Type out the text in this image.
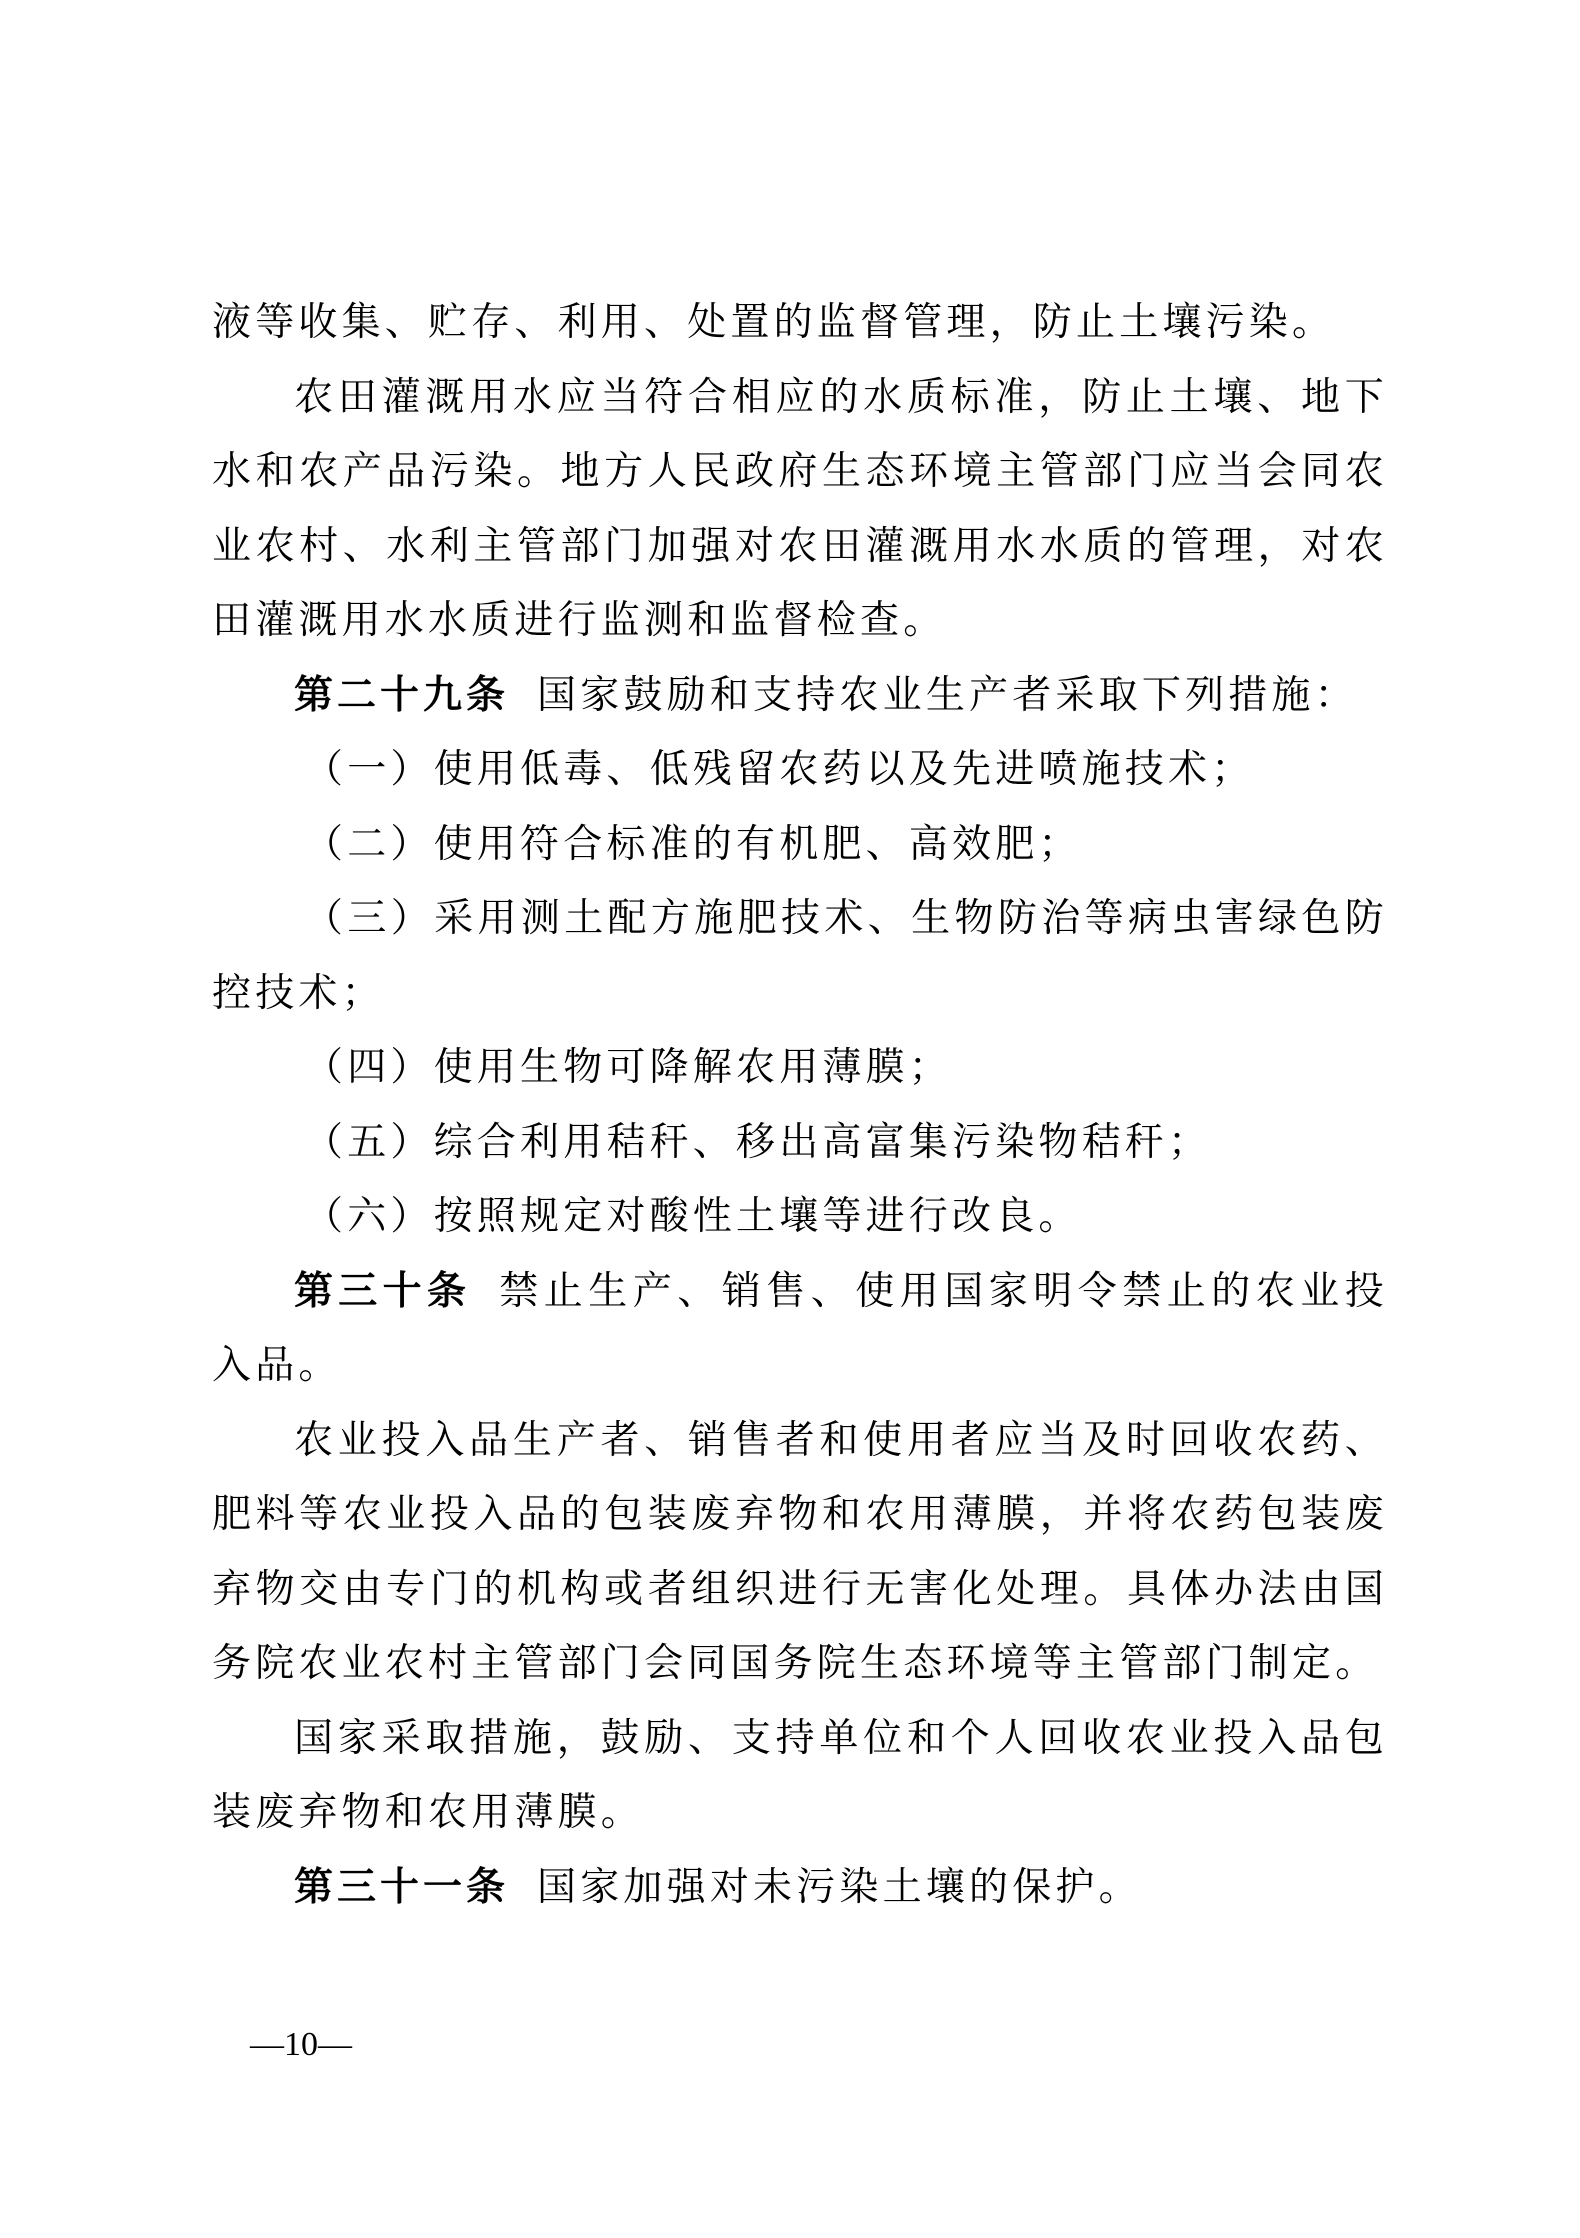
液等收集、贮存、利用、处置的监督管理，防止土壤污染。

农田灌溉用水应当符合相应的水质标准，防止土壤、地下水和农产品污染。地方人民政府生态环境主管部门应当会同农业农村、水利主管部门加强对农田灌溉用水水质的管理，对农田灌溉用水水质进行监测和监督检查。

第二十九条 国家鼓励和支持农业生产者采取下列措施：

（一）使用低毒、低残留农药以及先进喷施技术；

（二）使用符合标准的有机肥、高效肥；

（三）采用测土配方施肥技术、生物防治等病虫害绿色防控技术；

（四）使用生物可降解农用薄膜；

（五）综合利用秸秆、移出高富集污染物秸秆；

（六）按照规定对酸性土壤等进行改良。

第三十条 禁止生产、销售、使用国家明令禁止的农业投入品。

农业投入品生产者、销售者和使用者应当及时回收农药、肥料等农业投入品的包装废弃物和农用薄膜，并将农药包装废弃物交由专门的机构或者组织进行无害化处理。具体办法由国务院农业农村主管部门会同国务院生态环境等主管部门制定。

国家采取措施，鼓励、支持单位和个人回收农业投入品包装废弃物和农用薄膜。

第三十一条 国家加强对未污染土壤的保护。

—10—
